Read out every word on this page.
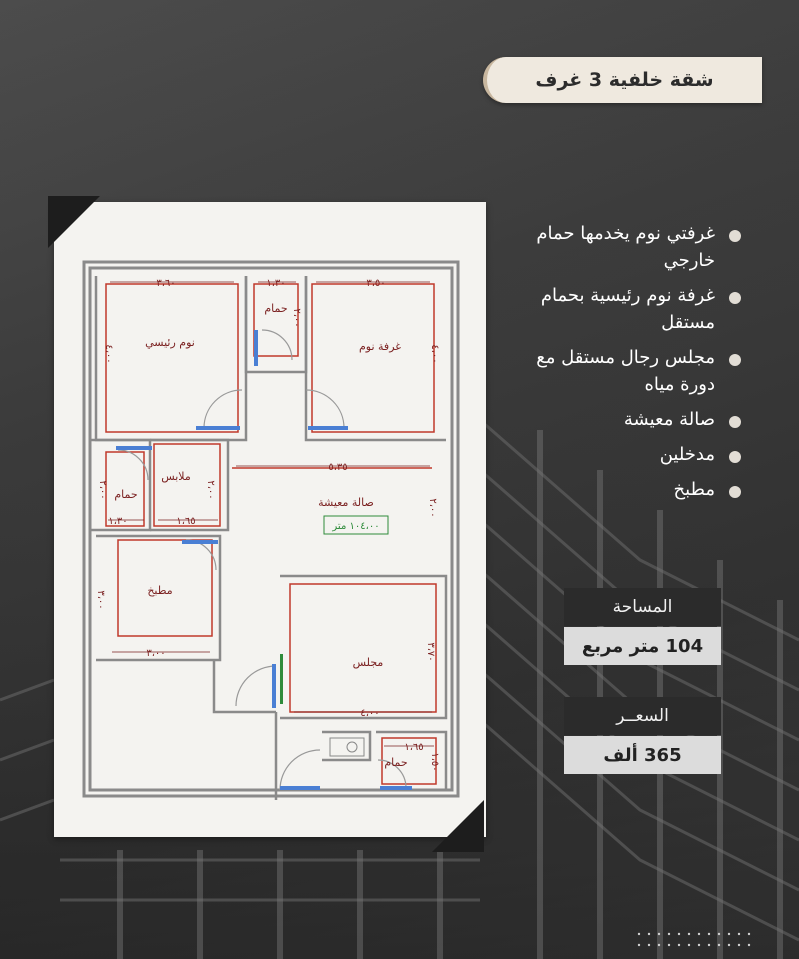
شقة خلفية 3 غرف
٣،٦٠	١،٣٠	٣،٥٠
٥،٣٥
١،٣٠	١،٦٥
٣،٠٠
٤،٠٠
١،٦٥
٤،٠٠
٢،٠٠
٤،٠٠
٢،٠٠	٢،٠٠
٢،٠٠
٣،٠٠
٣،٧٠
١،٥٠
نوم رئيسي
حمام
غرفة نوم
ملابس
حمام
صالة معيشة
١٠٤،٠٠ متر
مطبخ
مجلس
حمام
غرفتي نوم يخدمها حمام خارجي
غرفة نوم رئيسية بحمام مستقل
مجلس رجال مستقل مع دورة مياه
صالة معيشة
مدخلين
مطبخ
المساحة
104 متر مربع
السعــر
365 ألف
